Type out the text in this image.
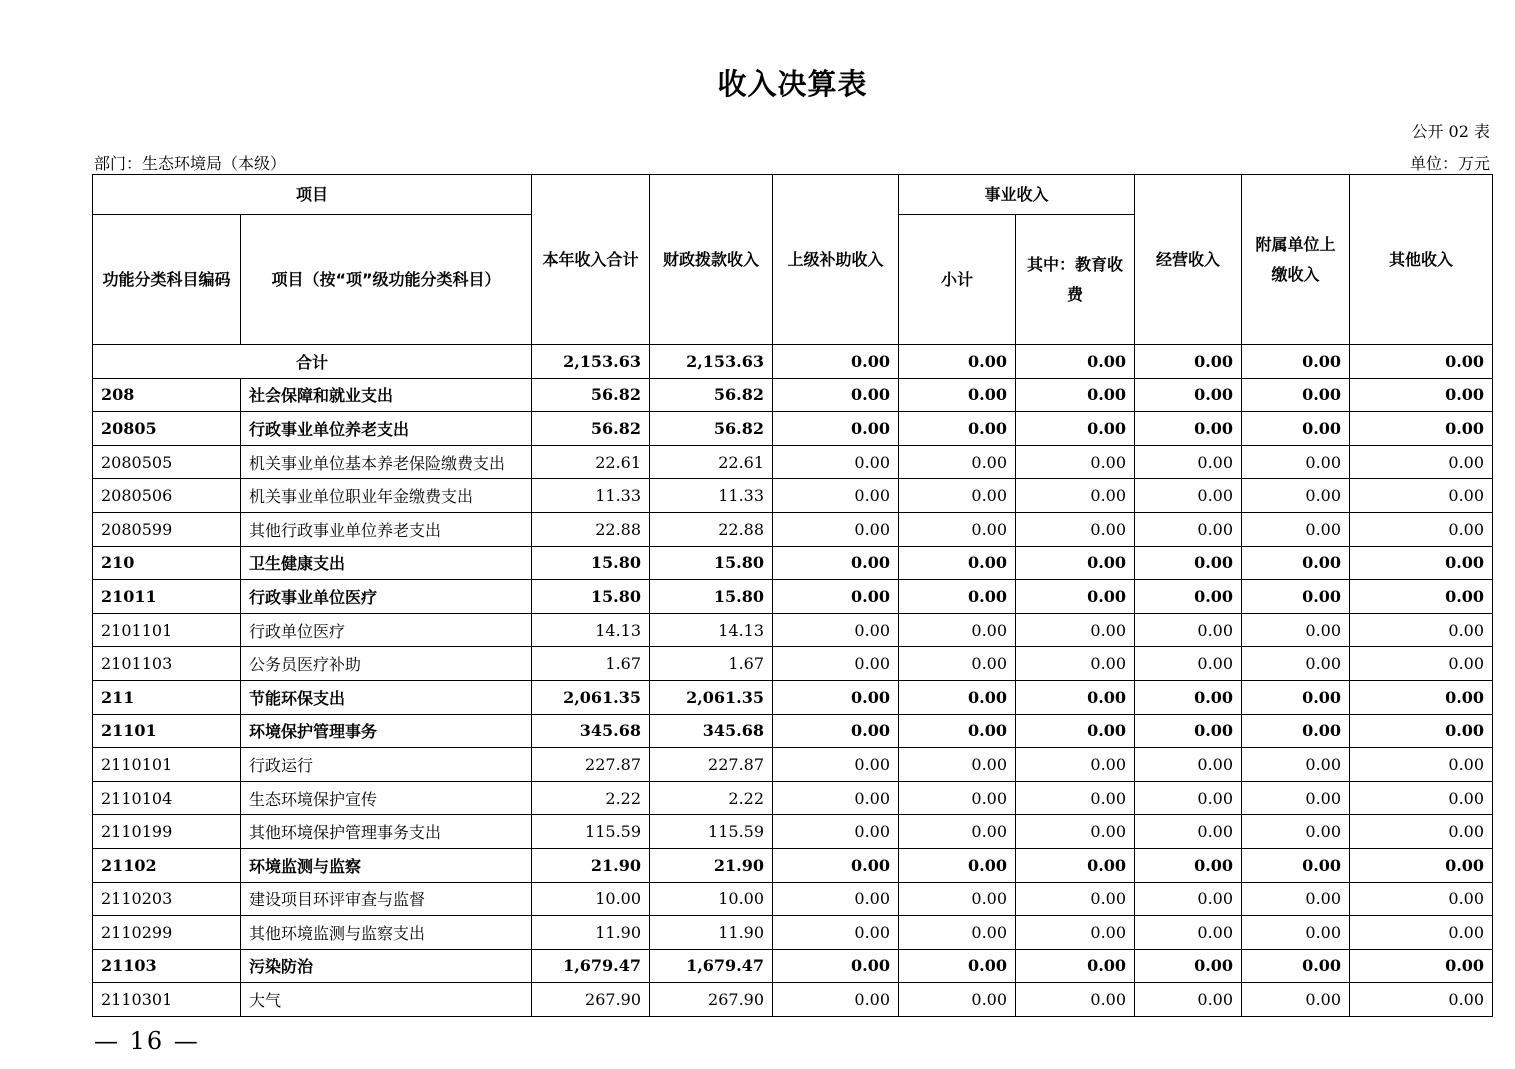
收入决算表
公开 02 表
部门：生态环境局（本级）	单位：万元
项目		本年收入合计	财政拨款收入	上级补助收入	事业收入		经营收入	附属单位上缴收入	其他收入
功能分类科目编码	项目（按“项”级功能分类科目）				小计	其中：教育收费			
合计		2,153.63	2,153.63	0.00	0.00	0.00	0.00	0.00	0.00
208	社会保障和就业支出	56.82	56.82	0.00	0.00	0.00	0.00	0.00	0.00
20805	行政事业单位养老支出	56.82	56.82	0.00	0.00	0.00	0.00	0.00	0.00
2080505	机关事业单位基本养老保险缴费支出	22.61	22.61	0.00	0.00	0.00	0.00	0.00	0.00
2080506	机关事业单位职业年金缴费支出	11.33	11.33	0.00	0.00	0.00	0.00	0.00	0.00
2080599	其他行政事业单位养老支出	22.88	22.88	0.00	0.00	0.00	0.00	0.00	0.00
210	卫生健康支出	15.80	15.80	0.00	0.00	0.00	0.00	0.00	0.00
21011	行政事业单位医疗	15.80	15.80	0.00	0.00	0.00	0.00	0.00	0.00
2101101	行政单位医疗	14.13	14.13	0.00	0.00	0.00	0.00	0.00	0.00
2101103	公务员医疗补助	1.67	1.67	0.00	0.00	0.00	0.00	0.00	0.00
211	节能环保支出	2,061.35	2,061.35	0.00	0.00	0.00	0.00	0.00	0.00
21101	环境保护管理事务	345.68	345.68	0.00	0.00	0.00	0.00	0.00	0.00
2110101	行政运行	227.87	227.87	0.00	0.00	0.00	0.00	0.00	0.00
2110104	生态环境保护宣传	2.22	2.22	0.00	0.00	0.00	0.00	0.00	0.00
2110199	其他环境保护管理事务支出	115.59	115.59	0.00	0.00	0.00	0.00	0.00	0.00
21102	环境监测与监察	21.90	21.90	0.00	0.00	0.00	0.00	0.00	0.00
2110203	建设项目环评审查与监督	10.00	10.00	0.00	0.00	0.00	0.00	0.00	0.00
2110299	其他环境监测与监察支出	11.90	11.90	0.00	0.00	0.00	0.00	0.00	0.00
21103	污染防治	1,679.47	1,679.47	0.00	0.00	0.00	0.00	0.00	0.00
2110301	大气	267.90	267.90	0.00	0.00	0.00	0.00	0.00	0.00
— 16 —
